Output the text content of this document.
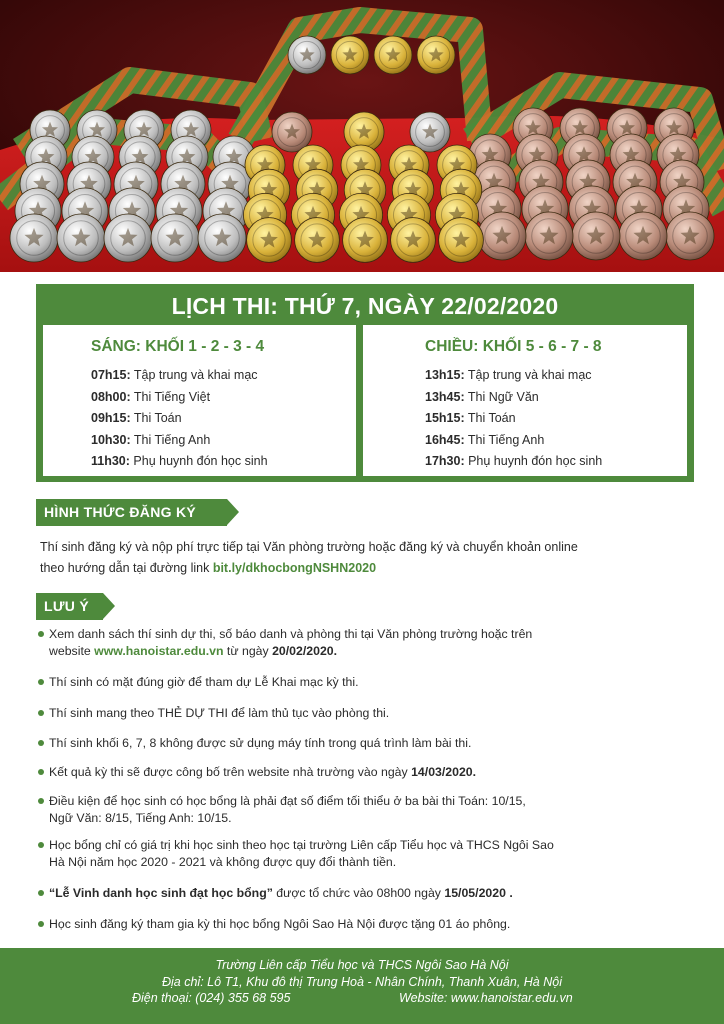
LỊCH THI: THỨ 7, NGÀY 22/02/2020
SÁNG: KHỐI 1 - 2 - 3 - 4
07h15: Tập trung và khai mạc
08h00: Thi Tiếng Việt
09h15: Thi Toán
10h30: Thi Tiếng Anh
11h30: Phụ huynh đón học sinh
CHIỀU: KHỐI 5 - 6 - 7 - 8
13h15: Tập trung và khai mạc
13h45: Thi Ngữ Văn
15h15: Thi Toán
16h45: Thi Tiếng Anh
17h30: Phụ huynh đón học sinh
HÌNH THỨC ĐĂNG KÝ
Thí sinh đăng ký và nộp phí trực tiếp tại Văn phòng trường hoặc đăng ký và chuyển khoản online
theo hướng dẫn tại đường link bit.ly/dkhocbongNSHN2020
LƯU Ý
Xem danh sách thí sinh dự thi, số báo danh và phòng thi tại Văn phòng trường hoặc trên
website www.hanoistar.edu.vn từ ngày 20/02/2020.
Thí sinh có mặt đúng giờ để tham dự Lễ Khai mạc kỳ thi.
Thí sinh mang theo THẺ DỰ THI để làm thủ tục vào phòng thi.
Thí sinh khối 6, 7, 8 không được sử dụng máy tính trong quá trình làm bài thi.
Kết quả kỳ thi sẽ được công bố trên website nhà trường vào ngày 14/03/2020.
Điều kiện để học sinh có học bổng là phải đạt số điểm tối thiểu ở ba bài thi Toán: 10/15,
Ngữ Văn: 8/15, Tiếng Anh: 10/15.
Học bổng chỉ có giá trị khi học sinh theo học tại trường Liên cấp Tiểu học và THCS Ngôi Sao
Hà Nội năm học 2020 - 2021 và không được quy đổi thành tiền.
“Lễ Vinh danh học sinh đạt học bổng” được tổ chức vào 08h00 ngày 15/05/2020 .
Học sinh đăng ký tham gia kỳ thi học bổng Ngôi Sao Hà Nội được tặng 01 áo phông.
Trường Liên cấp Tiểu học và THCS Ngôi Sao Hà Nội
Địa chỉ: Lô T1, Khu đô thị Trung Hoà - Nhân Chính, Thanh Xuân, Hà Nội
Điện thoại: (024) 355 68 595	Website: www.hanoistar.edu.vn
